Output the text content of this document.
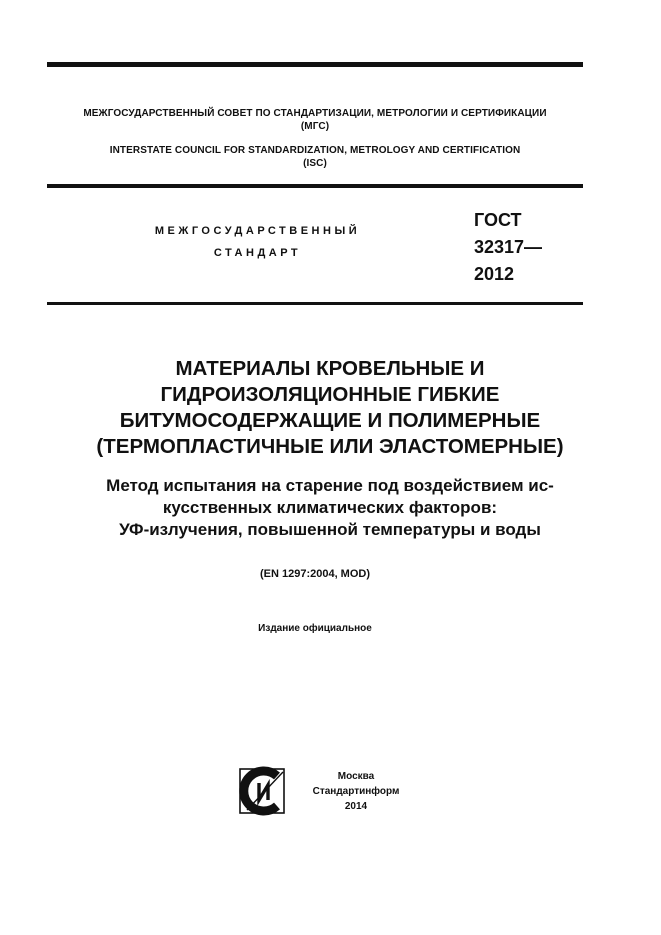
МЕЖГОСУДАРСТВЕННЫЙ СОВЕТ ПО СТАНДАРТИЗАЦИИ, МЕТРОЛОГИИ И СЕРТИФИКАЦИИ
(МГС)
INTERSTATE COUNCIL FOR STANDARDIZATION, METROLOGY AND CERTIFICATION
(ISC)
МЕЖГОСУДАРСТВЕННЫЙ
СТАНДАРТ
ГОСТ
32317—
2012
МАТЕРИАЛЫ КРОВЕЛЬНЫЕ И
ГИДРОИЗОЛЯЦИОННЫЕ ГИБКИЕ
БИТУМОСОДЕРЖАЩИЕ И ПОЛИМЕРНЫЕ
(ТЕРМОПЛАСТИЧНЫЕ ИЛИ ЭЛАСТОМЕРНЫЕ)
Метод испытания на старение под воздействием ис-
кусственных климатических факторов:
УФ-излучения, повышенной температуры и воды
(EN 1297:2004, MOD)
Издание официальное
Москва
Стандартинформ
2014
